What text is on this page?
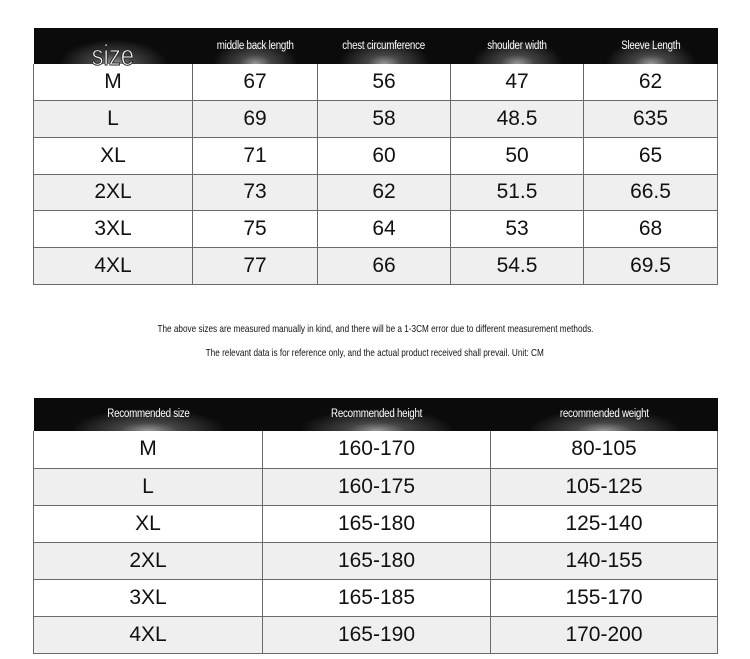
size	middle back length	chest circumference	shoulder width	Sleeve Length
M	67	56	47	62
L	69	58	48.5	635
XL	71	60	50	65
2XL	73	62	51.5	66.5
3XL	75	64	53	68
4XL	77	66	54.5	69.5
The above sizes are measured manually in kind, and there will be a 1-3CM error due to different measurement methods.
The relevant data is for reference only, and the actual product received shall prevail. Unit: CM
Recommended size	Recommended height	recommended weight
M	160-170	80-105
L	160-175	105-125
XL	165-180	125-140
2XL	165-180	140-155
3XL	165-185	155-170
4XL	165-190	170-200
